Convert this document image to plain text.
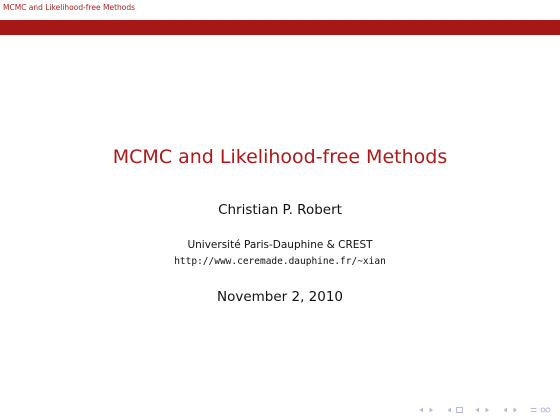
MCMC and Likelihood-free Methods
MCMC and Likelihood-free Methods
Christian P. Robert
Université Paris-Dauphine & CREST
http://www.ceremade.dauphine.fr/~xian
November 2, 2010
